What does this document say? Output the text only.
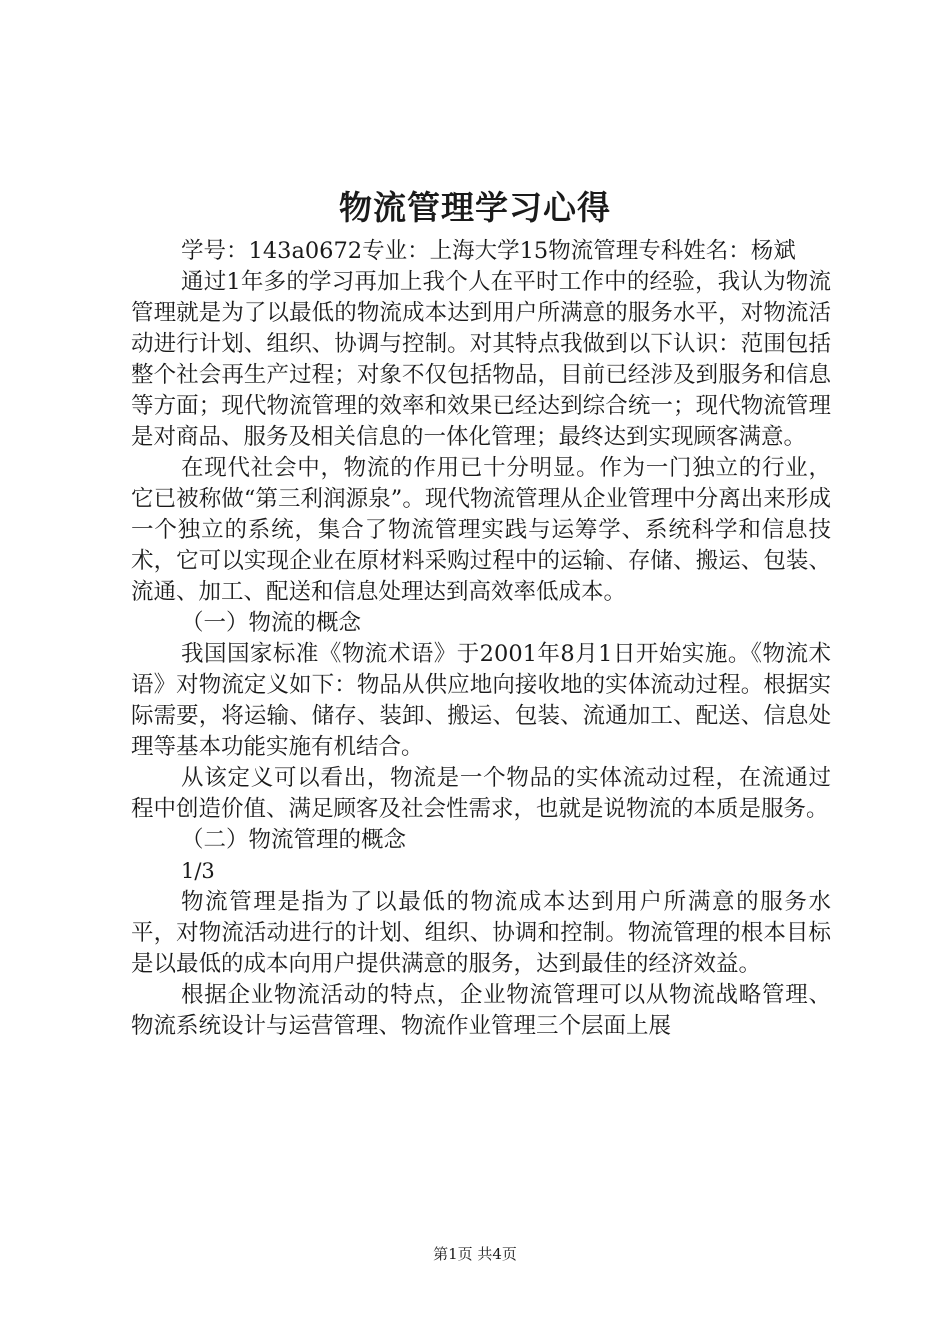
物流管理学习心得

学号：143a0672专业：上海大学15物流管理专科姓名：杨斌

通过1年多的学习再加上我个人在平时工作中的经验，我认为物流管理就是为了以最低的物流成本达到用户所满意的服务水平，对物流活动进行计划、组织、协调与控制。对其特点我做到以下认识：范围包括整个社会再生产过程；对象不仅包括物品，目前已经涉及到服务和信息等方面；现代物流管理的效率和效果已经达到综合统一；现代物流管理是对商品、服务及相关信息的一体化管理；最终达到实现顾客满意。

在现代社会中，物流的作用已十分明显。作为一门独立的行业，它已被称做“第三利润源泉”。现代物流管理从企业管理中分离出来形成一个独立的系统，集合了物流管理实践与运筹学、系统科学和信息技术，它可以实现企业在原材料采购过程中的运输、存储、搬运、包装、流通、加工、配送和信息处理达到高效率低成本。

（一）物流的概念

我国国家标准《物流术语》于2001年8月1日开始实施。《物流术语》对物流定义如下：物品从供应地向接收地的实体流动过程。根据实际需要，将运输、储存、装卸、搬运、包装、流通加工、配送、信息处理等基本功能实施有机结合。

从该定义可以看出，物流是一个物品的实体流动过程，在流通过程中创造价值、满足顾客及社会性需求，也就是说物流的本质是服务。

（二）物流管理的概念

1/3

物流管理是指为了以最低的物流成本达到用户所满意的服务水平，对物流活动进行的计划、组织、协调和控制。物流管理的根本目标是以最低的成本向用户提供满意的服务，达到最佳的经济效益。

根据企业物流活动的特点，企业物流管理可以从物流战略管理、物流系统设计与运营管理、物流作业管理三个层面上展

第1页 共4页
